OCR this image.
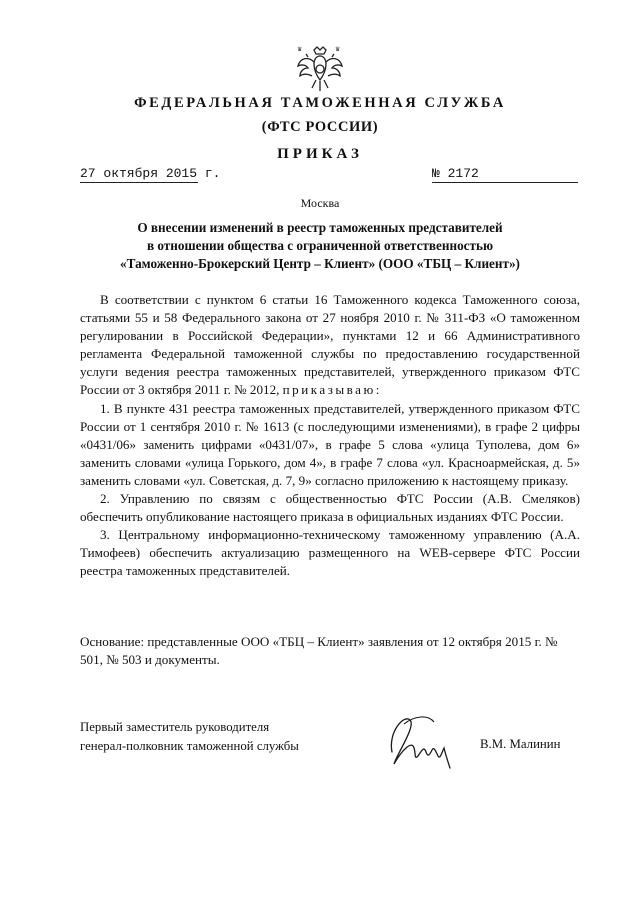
♛	♛
ФЕДЕРАЛЬНАЯ ТАМОЖЕННАЯ СЛУЖБА
(ФТС РОССИИ)
ПРИКАЗ
27 октября 2015 г.	№ 2172
Москва
О внесении изменений в реестр таможенных представителей
в отношении общества с ограниченной ответственностью
«Таможенно-Брокерский Центр – Клиент» (ООО «ТБЦ – Клиент»)

В соответствии с пунктом 6 статьи 16 Таможенного кодекса Таможенного союза, статьями 55 и 58 Федерального закона от 27 ноября 2010 г. № 311-ФЗ «О таможенном регулировании в Российской Федерации», пунктами 12 и 66 Административного регламента Федеральной таможенной службы по предоставлению государственной услуги ведения реестра таможенных представителей, утвержденного приказом ФТС России от 3 октября 2011 г. № 2012, приказываю:

1. В пункте 431 реестра таможенных представителей, утвержденного приказом ФТС России от 1 сентября 2010 г. № 1613 (с последующими изменениями), в графе 2 цифры «0431/06» заменить цифрами «0431/07», в графе 5 слова «улица Туполева, дом 6» заменить словами «улица Горького, дом 4», в графе 7 слова «ул. Красноармейская, д. 5» заменить словами «ул. Советская, д. 7, 9» согласно приложению к настоящему приказу.

2. Управлению по связям с общественностью ФТС России (А.В. Смеляков) обеспечить опубликование настоящего приказа в официальных изданиях ФТС России.

3. Центральному информационно-техническому таможенному управлению (А.А. Тимофеев) обеспечить актуализацию размещенного на WEB-сервере ФТС России реестра таможенных представителей.

Основание: представленные ООО «ТБЦ – Клиент» заявления от 12 октября 2015 г. № 501, № 503 и документы.
Первый заместитель руководителя
генерал-полковник таможенной службы	В.М. Малинин
